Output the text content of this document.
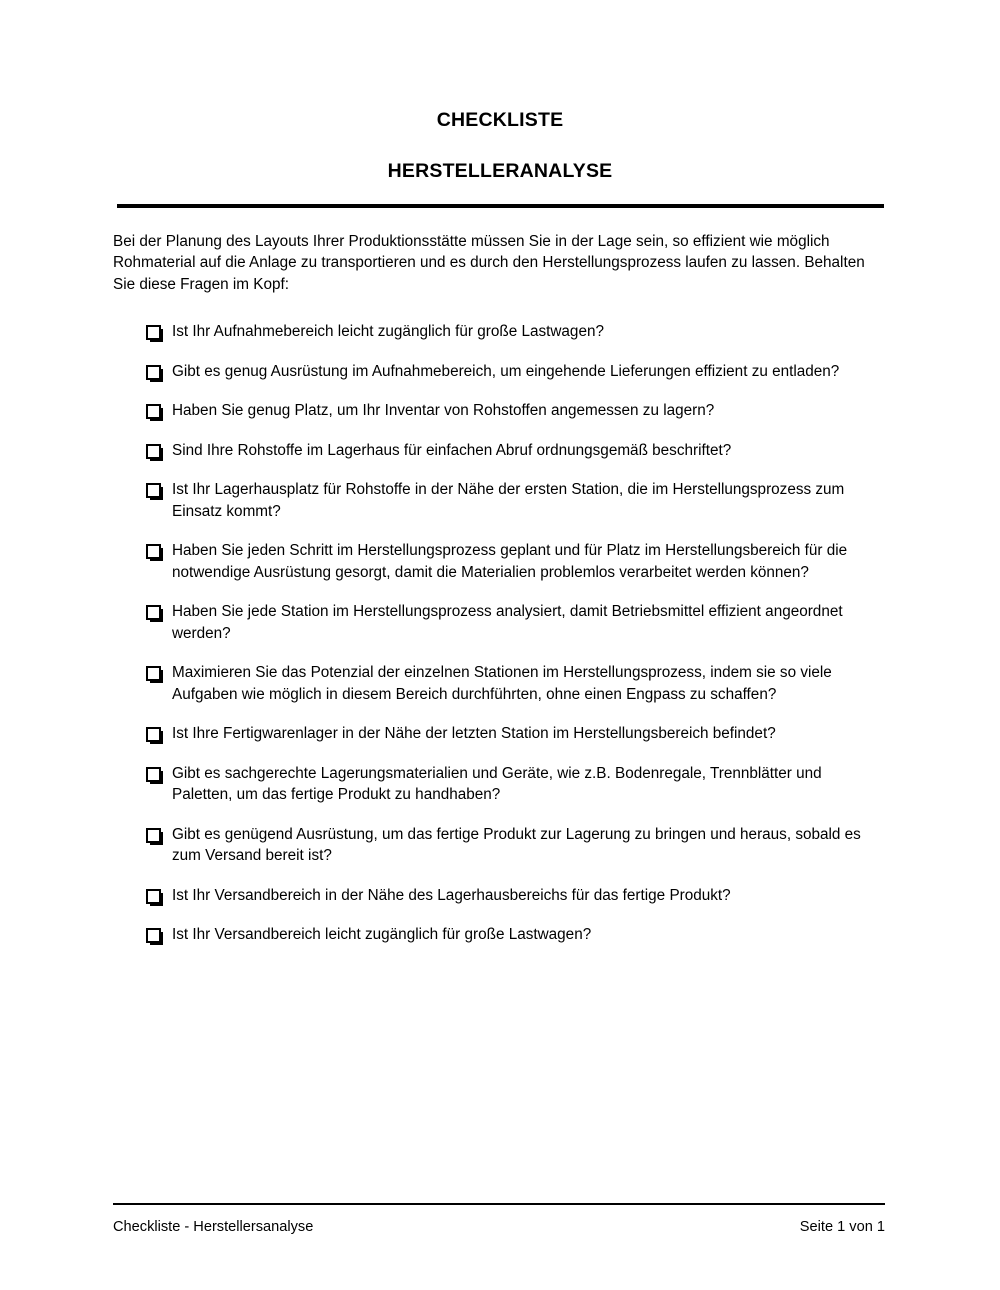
CHECKLISTE
HERSTELLERANALYSE

Bei der Planung des Layouts Ihrer Produktionsstätte müssen Sie in der Lage sein, so effizient wie möglich Rohmaterial auf die Anlage zu transportieren und es durch den Herstellungsprozess laufen zu lassen. Behalten Sie diese Fragen im Kopf:

Ist Ihr Aufnahmebereich leicht zugänglich für große Lastwagen?
Gibt es genug Ausrüstung im Aufnahmebereich, um eingehende Lieferungen effizient zu entladen?
Haben Sie genug Platz, um Ihr Inventar von Rohstoffen angemessen zu lagern?
Sind Ihre Rohstoffe im Lagerhaus für einfachen Abruf ordnungsgemäß beschriftet?
Ist Ihr Lagerhausplatz für Rohstoffe in der Nähe der ersten Station, die im Herstellungsprozess zum Einsatz kommt?
Haben Sie jeden Schritt im Herstellungsprozess geplant und für Platz im Herstellungsbereich für die notwendige Ausrüstung gesorgt, damit die Materialien problemlos verarbeitet werden können?
Haben Sie jede Station im Herstellungsprozess analysiert, damit Betriebsmittel effizient angeordnet werden?
Maximieren Sie das Potenzial der einzelnen Stationen im Herstellungsprozess, indem sie so viele Aufgaben wie möglich in diesem Bereich durchführten, ohne einen Engpass zu schaffen?
Ist Ihre Fertigwarenlager in der Nähe der letzten Station im Herstellungsbereich befindet?
Gibt es sachgerechte Lagerungsmaterialien und Geräte, wie z.B. Bodenregale, Trennblätter und Paletten, um das fertige Produkt zu handhaben?
Gibt es genügend Ausrüstung, um das fertige Produkt zur Lagerung zu bringen und heraus, sobald es zum Versand bereit ist?
Ist Ihr Versandbereich in der Nähe des Lagerhausbereichs für das fertige Produkt?
Ist Ihr Versandbereich leicht zugänglich für große Lastwagen?
Checkliste - Herstellersanalyse	Seite 1 von 1
